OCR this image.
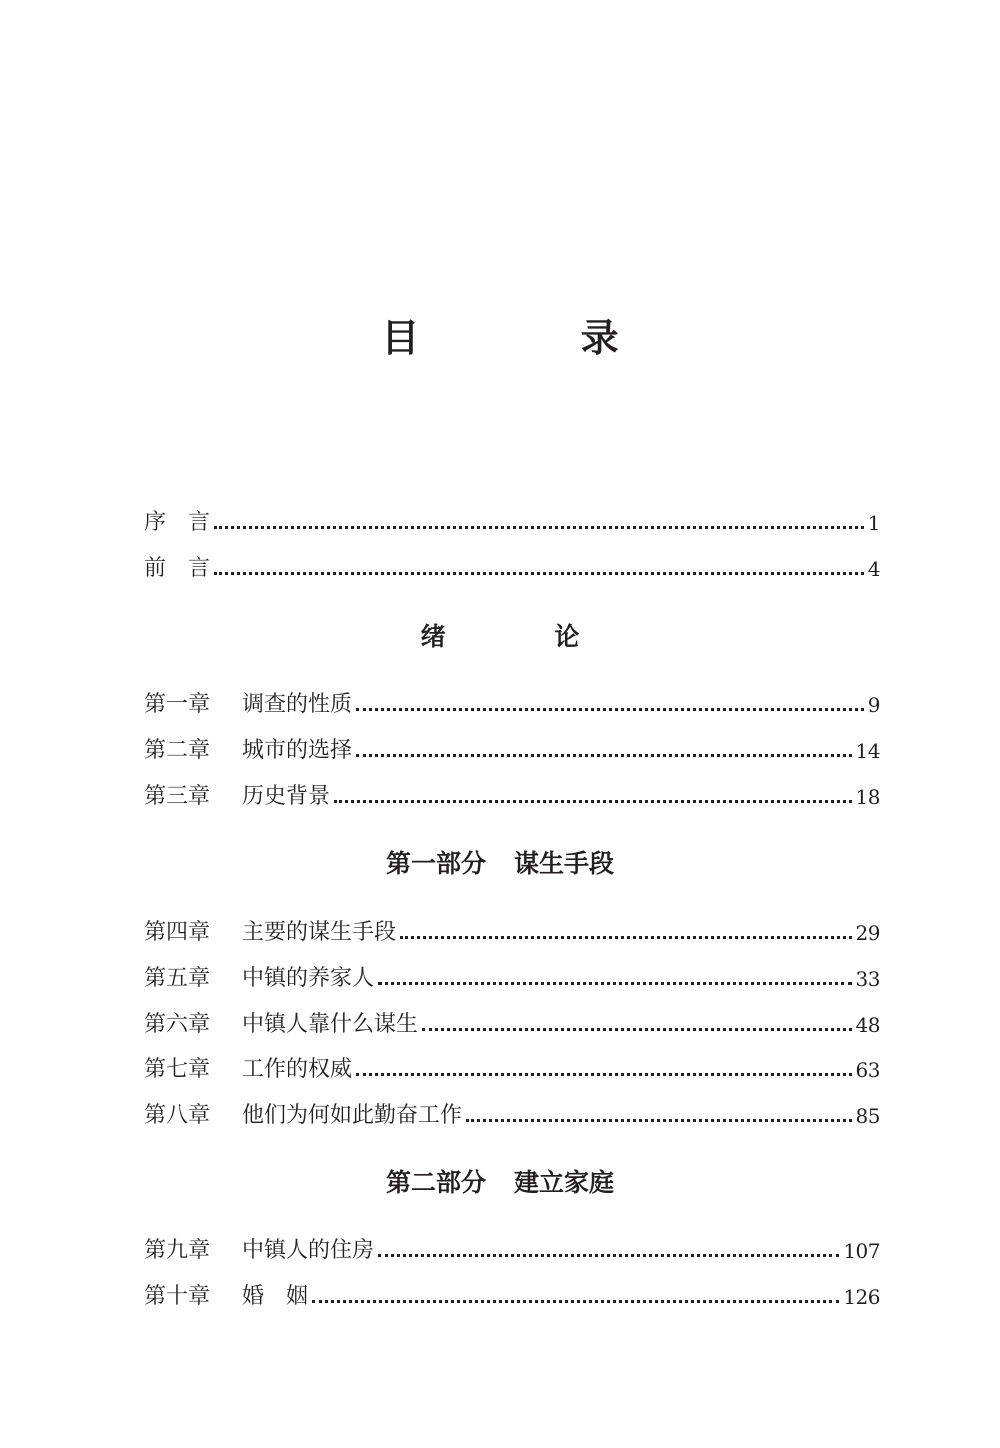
目 录
序　言	1
前　言	4
绪 论
第一章	调查的性质	9
第二章	城市的选择	14
第三章	历史背景	18
第一部分 谋生手段
第四章	主要的谋生手段	29
第五章	中镇的养家人	33
第六章	中镇人靠什么谋生	48
第七章	工作的权威	63
第八章	他们为何如此勤奋工作	85
第二部分 建立家庭
第九章	中镇人的住房	107
第十章	婚　姻	126
